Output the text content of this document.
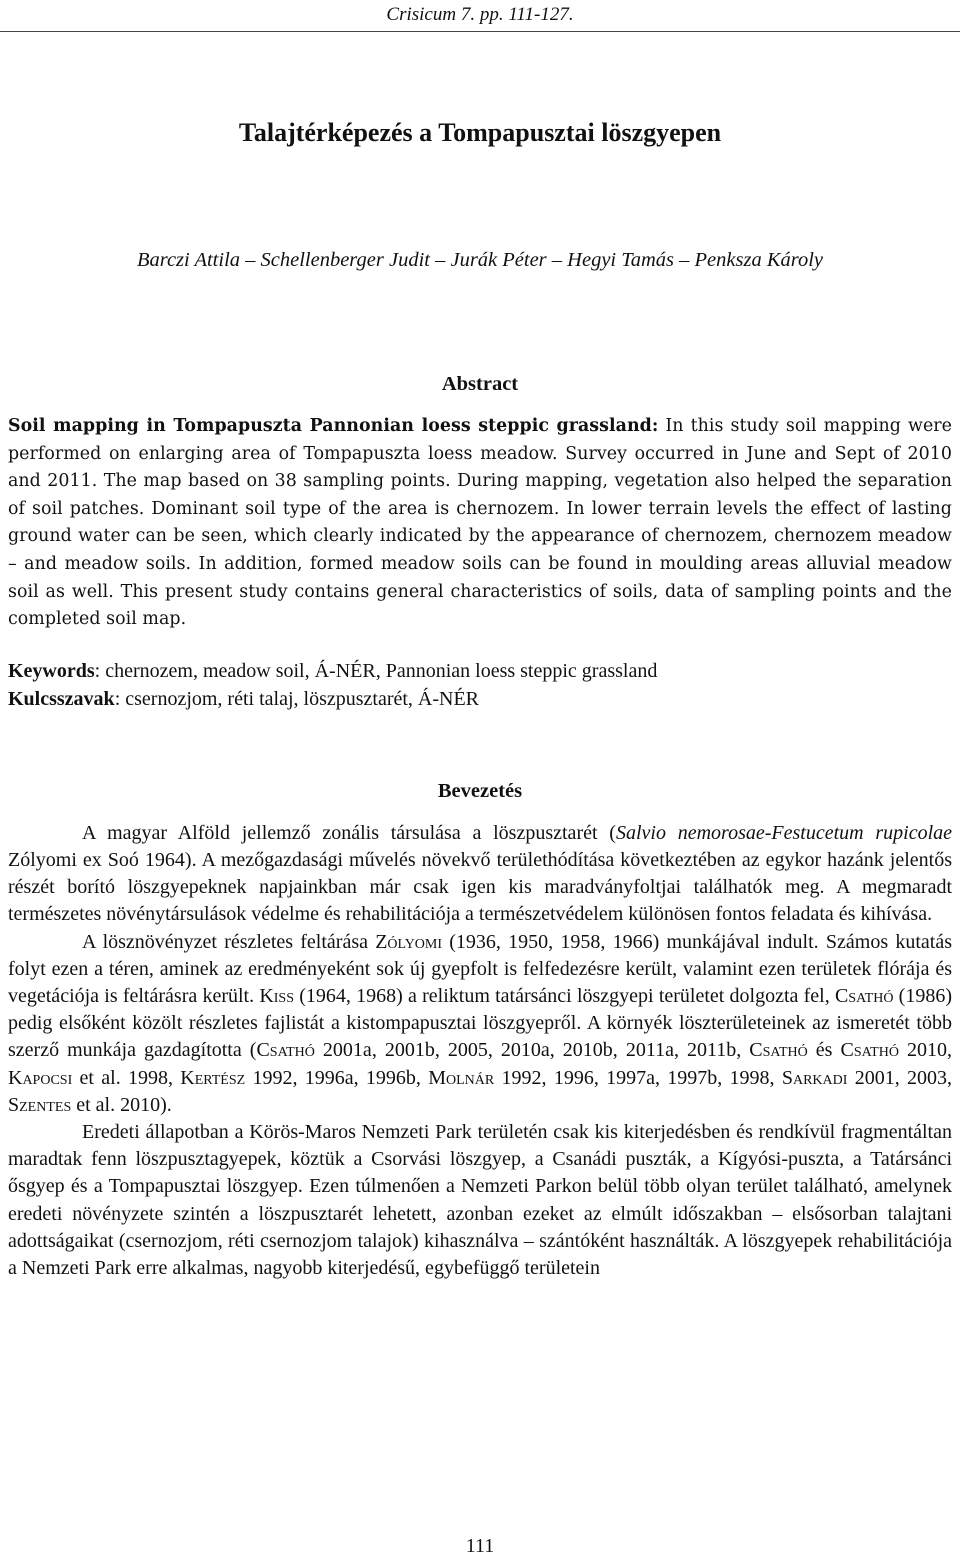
Crisicum 7. pp. 111-127.
Talajtérképezés a Tompapusztai löszgyepen
Barczi Attila – Schellenberger Judit – Jurák Péter – Hegyi Tamás – Penksza Károly
Abstract

Soil mapping in Tompapuszta Pannonian loess steppic grassland: In this study soil mapping were performed on enlarging area of Tompapuszta loess meadow. Survey occurred in June and Sept of 2010 and 2011. The map based on 38 sampling points. During mapping, vegetation also helped the separation of soil patches. Dominant soil type of the area is chernozem. In lower terrain levels the effect of lasting ground water can be seen, which clearly indicated by the appearance of chernozem, chernozem meadow – and meadow soils. In addition, formed meadow soils can be found in moulding areas alluvial meadow soil as well. This present study contains general characteristics of soils, data of sampling points and the completed soil map.

Keywords: chernozem, meadow soil, Á-NÉR, Pannonian loess steppic grassland
Kulcsszavak: csernozjom, réti talaj, löszpusztarét, Á-NÉR
Bevezetés

A magyar Alföld jellemző zonális társulása a löszpusztarét (Salvio nemorosae-Festucetum rupicolae Zólyomi ex Soó 1964). A mezőgazdasági művelés növekvő területhódítása következtében az egykor hazánk jelentős részét borító löszgyepeknek napjainkban már csak igen kis maradványfoltjai találhatók meg. A megmaradt természetes növénytársulások védelme és rehabilitációja a természetvédelem különösen fontos feladata és kihívása.

A lösznövényzet részletes feltárása Zólyomi (1936, 1950, 1958, 1966) munkájával indult. Számos kutatás folyt ezen a téren, aminek az eredményeként sok új gyepfolt is felfedezésre került, valamint ezen területek flórája és vegetációja is feltárásra került. Kiss (1964, 1968) a reliktum tatársánci löszgyepi területet dolgozta fel, Csathó (1986) pedig elsőként közölt részletes fajlistát a kistompapusztai löszgyepről. A környék löszterületeinek az ismeretét több szerző munkája gazdagította (Csathó 2001a, 2001b, 2005, 2010a, 2010b, 2011a, 2011b, Csathó és Csathó 2010, Kapocsi et al. 1998, Kertész 1992, 1996a, 1996b, Molnár 1992, 1996, 1997a, 1997b, 1998, Sarkadi 2001, 2003, Szentes et al. 2010).

Eredeti állapotban a Körös-Maros Nemzeti Park területén csak kis kiterjedésben és rendkívül fragmentáltan maradtak fenn löszpusztagyepek, köztük a Csorvási löszgyep, a Csanádi puszták, a Kígyósi-puszta, a Tatársánci ősgyep és a Tompapusztai löszgyep. Ezen túlmenően a Nemzeti Parkon belül több olyan terület található, amelynek eredeti növényzete szintén a löszpusztarét lehetett, azonban ezeket az elmúlt időszakban – elsősorban talajtani adottságaikat (csernozjom, réti csernozjom talajok) kihasználva – szántóként használták. A löszgyepek rehabilitációja a Nemzeti Park erre alkalmas, nagyobb kiterjedésű, egybefüggő területein

111
